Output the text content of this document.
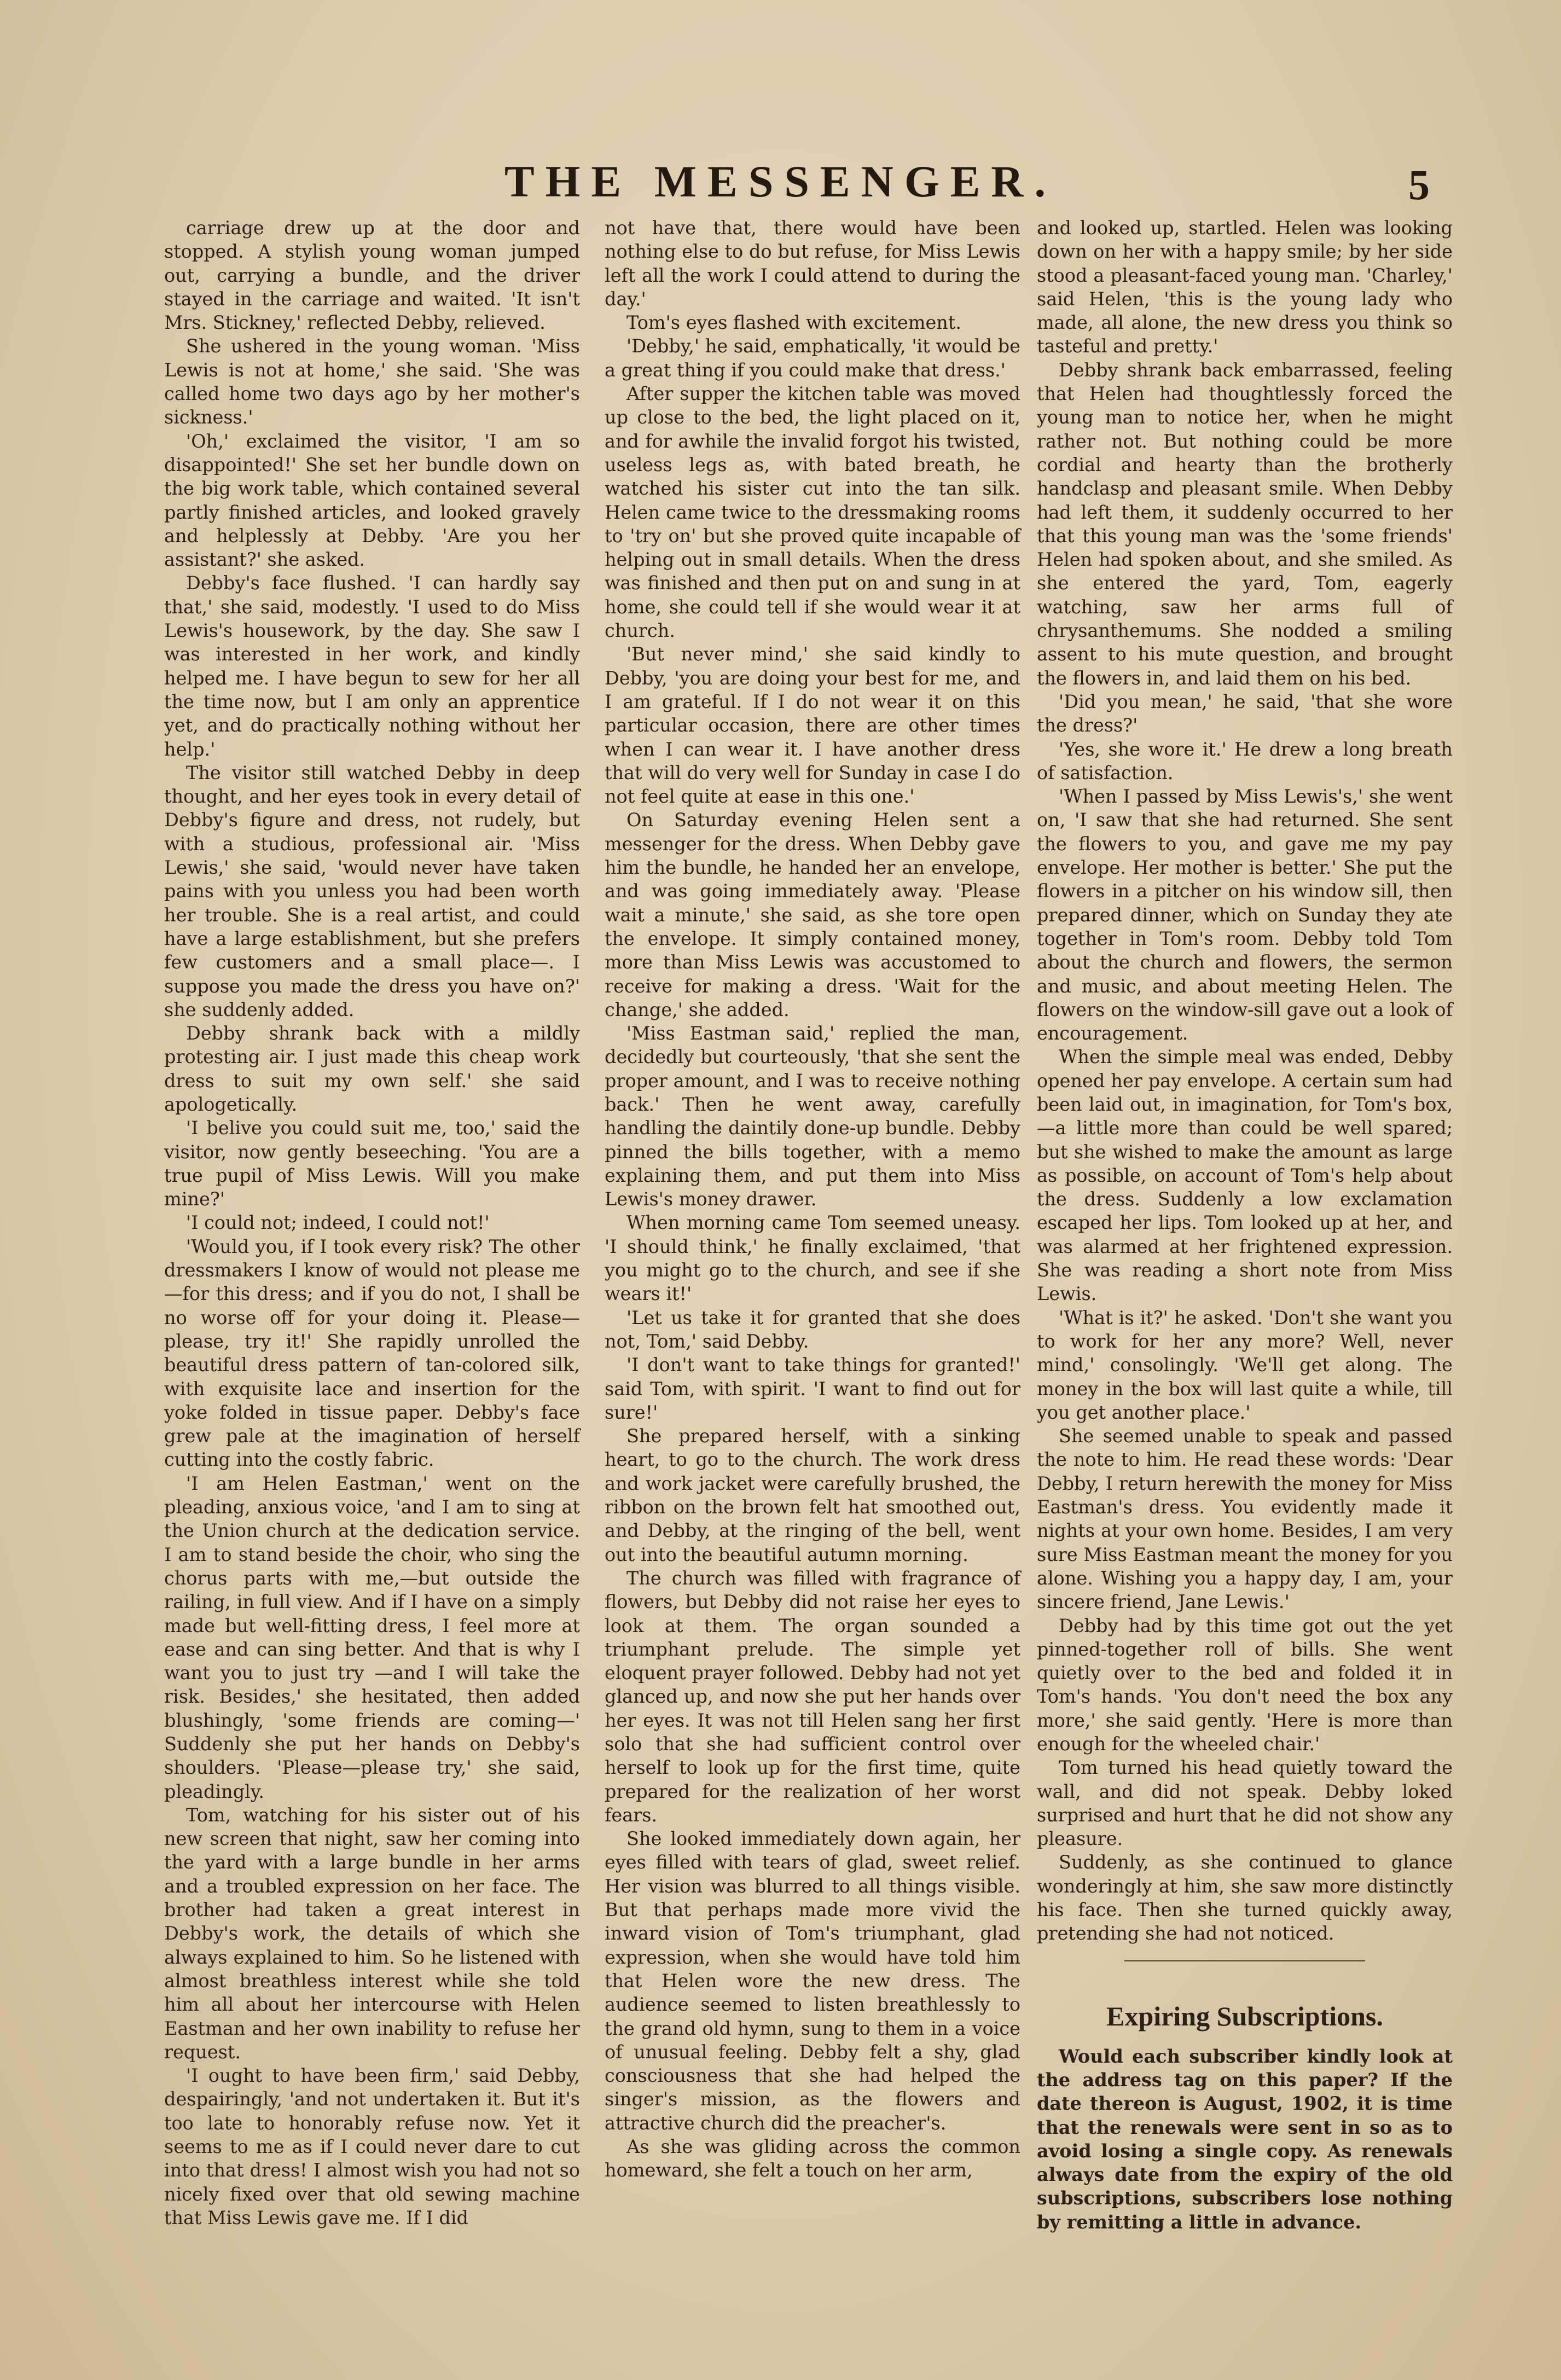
THE MESSENGER.	5

carriage drew up at the door and stopped. A stylish young woman jumped out, carrying a bundle, and the driver stayed in the carriage and waited. 'It isn't Mrs. Stickney,' reflected Debby, relieved.

She ushered in the young woman. 'Miss Lewis is not at home,' she said. 'She was called home two days ago by her mother's sickness.'

'Oh,' exclaimed the visitor, 'I am so disappointed!' She set her bundle down on the big work table, which contained several partly finished articles, and looked gravely and helplessly at Debby. 'Are you her assistant?' she asked.

Debby's face flushed. 'I can hardly say that,' she said, modestly. 'I used to do Miss Lewis's housework, by the day. She saw I was interested in her work, and kindly helped me. I have begun to sew for her all the time now, but I am only an apprentice yet, and do practically nothing without her help.'

The visitor still watched Debby in deep thought, and her eyes took in every detail of Debby's figure and dress, not rudely, but with a studious, professional air. 'Miss Lewis,' she said, 'would never have taken pains with you unless you had been worth her trouble. She is a real artist, and could have a large establishment, but she prefers few customers and a small place—. I suppose you made the dress you have on?' she suddenly added.

Debby shrank back with a mildly protesting air. I just made this cheap work dress to suit my own self.' she said apologetically.

'I belive you could suit me, too,' said the visitor, now gently beseeching. 'You are a true pupil of Miss Lewis. Will you make mine?'

'I could not; indeed, I could not!'

'Would you, if I took every risk? The other dressmakers I know of would not please me—for this dress; and if you do not, I shall be no worse off for your doing it. Please—please, try it!' She rapidly unrolled the beautiful dress pattern of tan-colored silk, with exquisite lace and insertion for the yoke folded in tissue paper. Debby's face grew pale at the imagination of herself cutting into the costly fabric.

'I am Helen Eastman,' went on the pleading, anxious voice, 'and I am to sing at the Union church at the dedication service. I am to stand beside the choir, who sing the chorus parts with me,—but outside the railing, in full view. And if I have on a simply made but well-fitting dress, I feel more at ease and can sing better. And that is why I want you to just try —and I will take the risk. Besides,' she hesitated, then added blushingly, 'some friends are coming—' Suddenly she put her hands on Debby's shoulders. 'Please—please try,' she said, pleadingly.

Tom, watching for his sister out of his new screen that night, saw her coming into the yard with a large bundle in her arms and a troubled expression on her face. The brother had taken a great interest in Debby's work, the details of which she always explained to him. So he listened with almost breathless interest while she told him all about her intercourse with Helen Eastman and her own inability to refuse her request.

'I ought to have been firm,' said Debby, despairingly, 'and not undertaken it. But it's too late to honorably refuse now. Yet it seems to me as if I could never dare to cut into that dress! I almost wish you had not so nicely fixed over that old sewing machine that Miss Lewis gave me. If I did

not have that, there would have been nothing else to do but refuse, for Miss Lewis left all the work I could attend to during the day.'

Tom's eyes flashed with excitement.

'Debby,' he said, emphatically, 'it would be a great thing if you could make that dress.'

After supper the kitchen table was moved up close to the bed, the light placed on it, and for awhile the invalid forgot his twisted, useless legs as, with bated breath, he watched his sister cut into the tan silk. Helen came twice to the dressmaking rooms to 'try on' but she proved quite incapable of helping out in small details. When the dress was finished and then put on and sung in at home, she could tell if she would wear it at church.

'But never mind,' she said kindly to Debby, 'you are doing your best for me, and I am grateful. If I do not wear it on this particular occasion, there are other times when I can wear it. I have another dress that will do very well for Sunday in case I do not feel quite at ease in this one.'

On Saturday evening Helen sent a messenger for the dress. When Debby gave him the bundle, he handed her an envelope, and was going immediately away. 'Please wait a minute,' she said, as she tore open the envelope. It simply contained money, more than Miss Lewis was accustomed to receive for making a dress. 'Wait for the change,' she added.

'Miss Eastman said,' replied the man, decidedly but courteously, 'that she sent the proper amount, and I was to receive nothing back.' Then he went away, carefully handling the daintily done-up bundle. Debby pinned the bills together, with a memo explaining them, and put them into Miss Lewis's money drawer.

When morning came Tom seemed uneasy. 'I should think,' he finally exclaimed, 'that you might go to the church, and see if she wears it!'

'Let us take it for granted that she does not, Tom,' said Debby.

'I don't want to take things for granted!' said Tom, with spirit. 'I want to find out for sure!'

She prepared herself, with a sinking heart, to go to the church. The work dress and work jacket were carefully brushed, the ribbon on the brown felt hat smoothed out, and Debby, at the ringing of the bell, went out into the beautiful autumn morning.

The church was filled with fragrance of flowers, but Debby did not raise her eyes to look at them. The organ sounded a triumphant prelude. The simple yet eloquent prayer followed. Debby had not yet glanced up, and now she put her hands over her eyes. It was not till Helen sang her first solo that she had sufficient control over herself to look up for the first time, quite prepared for the realization of her worst fears.

She looked immediately down again, her eyes filled with tears of glad, sweet relief. Her vision was blurred to all things visible. But that perhaps made more vivid the inward vision of Tom's triumphant, glad expression, when she would have told him that Helen wore the new dress. The audience seemed to listen breathlessly to the grand old hymn, sung to them in a voice of unusual feeling. Debby felt a shy, glad consciousness that she had helped the singer's mission, as the flowers and attractive church did the preacher's.

As she was gliding across the common homeward, she felt a touch on her arm,

and looked up, startled. Helen was looking down on her with a happy smile; by her side stood a pleasant-faced young man. 'Charley,' said Helen, 'this is the young lady who made, all alone, the new dress you think so tasteful and pretty.'

Debby shrank back embarrassed, feeling that Helen had thoughtlessly forced the young man to notice her, when he might rather not. But nothing could be more cordial and hearty than the brotherly handclasp and pleasant smile. When Debby had left them, it suddenly occurred to her that this young man was the 'some friends' Helen had spoken about, and she smiled. As she entered the yard, Tom, eagerly watching, saw her arms full of chrysanthemums. She nodded a smiling assent to his mute question, and brought the flowers in, and laid them on his bed.

'Did you mean,' he said, 'that she wore the dress?'

'Yes, she wore it.' He drew a long breath of satisfaction.

'When I passed by Miss Lewis's,' she went on, 'I saw that she had returned. She sent the flowers to you, and gave me my pay envelope. Her mother is better.' She put the flowers in a pitcher on his window sill, then prepared dinner, which on Sunday they ate together in Tom's room. Debby told Tom about the church and flowers, the sermon and music, and about meeting Helen. The flowers on the window-sill gave out a look of encouragement.

When the simple meal was ended, Debby opened her pay envelope. A certain sum had been laid out, in imagination, for Tom's box,—a little more than could be well spared; but she wished to make the amount as large as possible, on account of Tom's help about the dress. Suddenly a low exclamation escaped her lips. Tom looked up at her, and was alarmed at her frightened expression. She was reading a short note from Miss Lewis.

'What is it?' he asked. 'Don't she want you to work for her any more? Well, never mind,' consolingly. 'We'll get along. The money in the box will last quite a while, till you get another place.'

She seemed unable to speak and passed the note to him. He read these words: 'Dear Debby, I return herewith the money for Miss Eastman's dress. You evidently made it nights at your own home. Besides, I am very sure Miss Eastman meant the money for you alone. Wishing you a happy day, I am, your sincere friend, Jane Lewis.'

Debby had by this time got out the yet pinned-together roll of bills. She went quietly over to the bed and folded it in Tom's hands. 'You don't need the box any more,' she said gently. 'Here is more than enough for the wheeled chair.'

Tom turned his head quietly toward the wall, and did not speak. Debby loked surprised and hurt that he did not show any pleasure.

Suddenly, as she continued to glance wonderingly at him, she saw more distinctly his face. Then she turned quickly away, pretending she had not noticed.

Expiring Subscriptions.

Would each subscriber kindly look at the address tag on this paper? If the date thereon is August, 1902, it is time that the renewals were sent in so as to avoid losing a single copy. As renewals always date from the expiry of the old subscriptions, subscribers lose nothing by remitting a little in advance.
